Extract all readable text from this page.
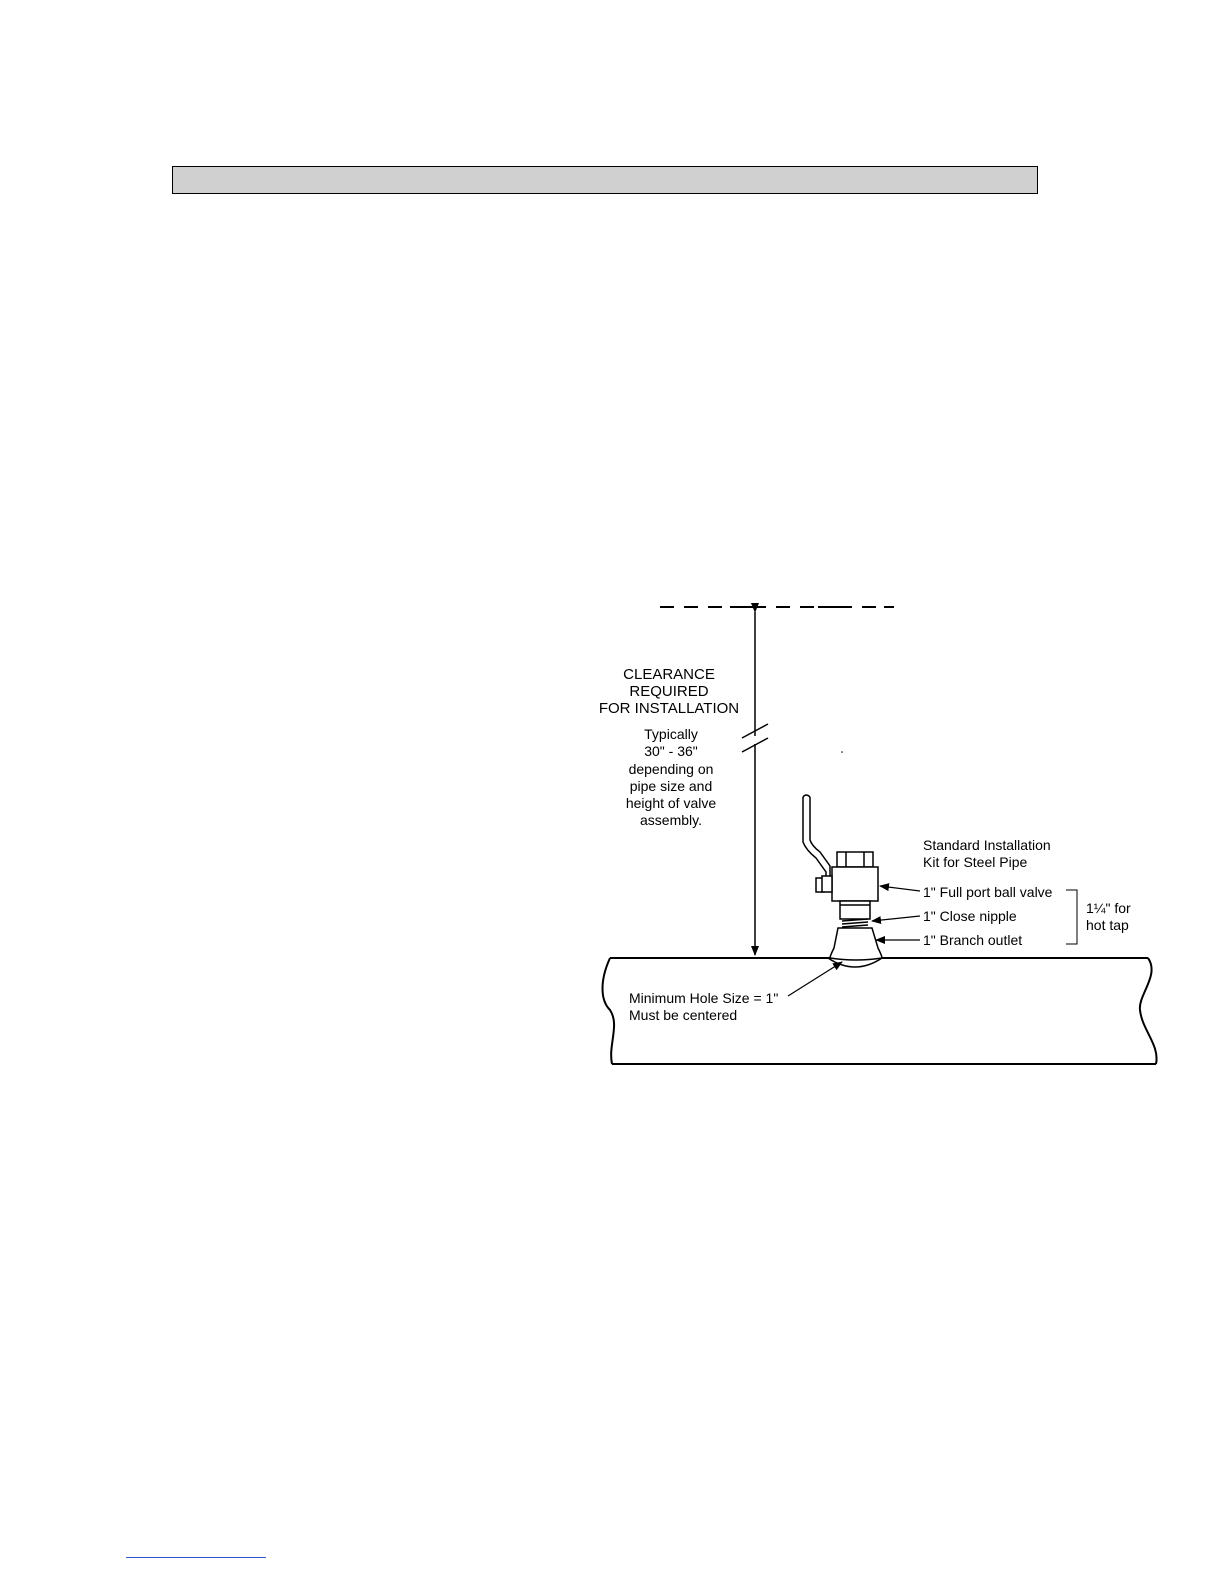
CLEARANCE
REQUIRED
FOR INSTALLATION
Typically
30" - 36"
depending on
pipe size and
height of valve
assembly.
Standard Installation
Kit for Steel Pipe
1" Full port ball valve
1" Close nipple
1" Branch outlet
1¼" for
hot tap
Minimum Hole Size = 1"
Must be centered
